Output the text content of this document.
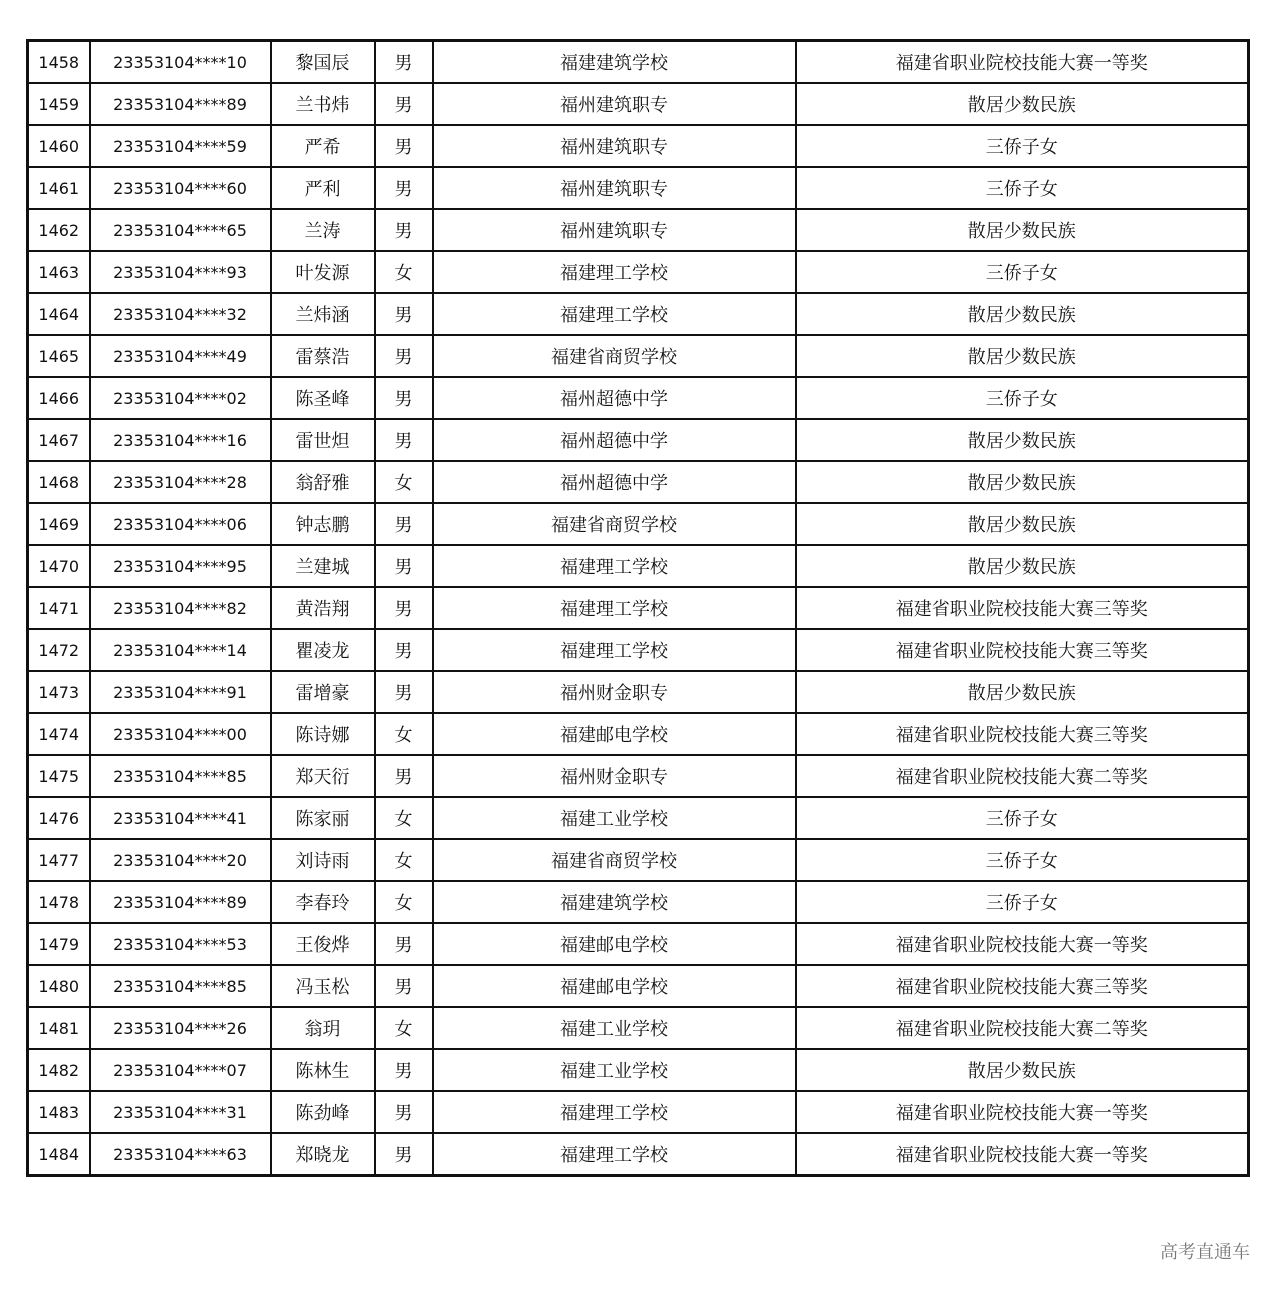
1458	23353104****10	黎国辰	男	福建建筑学校	福建省职业院校技能大赛一等奖
1459	23353104****89	兰书炜	男	福州建筑职专	散居少数民族
1460	23353104****59	严希	男	福州建筑职专	三侨子女
1461	23353104****60	严利	男	福州建筑职专	三侨子女
1462	23353104****65	兰涛	男	福州建筑职专	散居少数民族
1463	23353104****93	叶发源	女	福建理工学校	三侨子女
1464	23353104****32	兰炜涵	男	福建理工学校	散居少数民族
1465	23353104****49	雷蔡浩	男	福建省商贸学校	散居少数民族
1466	23353104****02	陈圣峰	男	福州超德中学	三侨子女
1467	23353104****16	雷世炟	男	福州超德中学	散居少数民族
1468	23353104****28	翁舒雅	女	福州超德中学	散居少数民族
1469	23353104****06	钟志鹏	男	福建省商贸学校	散居少数民族
1470	23353104****95	兰建城	男	福建理工学校	散居少数民族
1471	23353104****82	黄浩翔	男	福建理工学校	福建省职业院校技能大赛三等奖
1472	23353104****14	瞿凌龙	男	福建理工学校	福建省职业院校技能大赛三等奖
1473	23353104****91	雷增豪	男	福州财金职专	散居少数民族
1474	23353104****00	陈诗娜	女	福建邮电学校	福建省职业院校技能大赛三等奖
1475	23353104****85	郑天衍	男	福州财金职专	福建省职业院校技能大赛二等奖
1476	23353104****41	陈家丽	女	福建工业学校	三侨子女
1477	23353104****20	刘诗雨	女	福建省商贸学校	三侨子女
1478	23353104****89	李春玲	女	福建建筑学校	三侨子女
1479	23353104****53	王俊烨	男	福建邮电学校	福建省职业院校技能大赛一等奖
1480	23353104****85	冯玉松	男	福建邮电学校	福建省职业院校技能大赛三等奖
1481	23353104****26	翁玥	女	福建工业学校	福建省职业院校技能大赛二等奖
1482	23353104****07	陈林生	男	福建工业学校	散居少数民族
1483	23353104****31	陈劲峰	男	福建理工学校	福建省职业院校技能大赛一等奖
1484	23353104****63	郑晓龙	男	福建理工学校	福建省职业院校技能大赛一等奖
高考直通车
